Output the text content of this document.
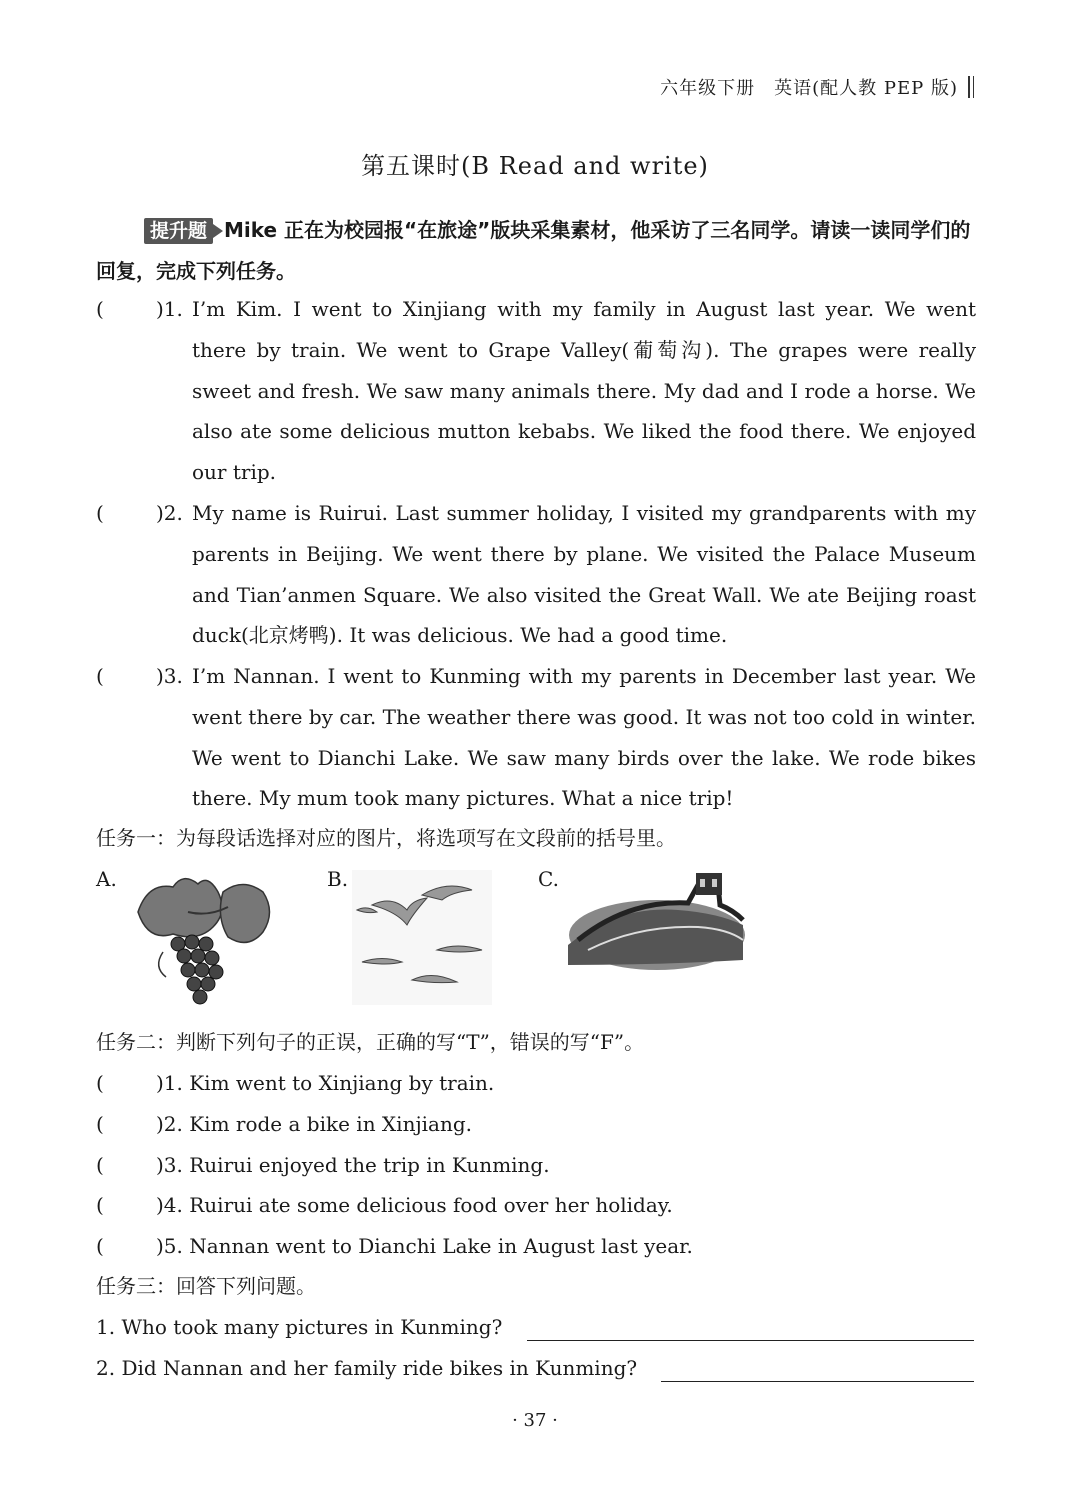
六年级下册　英语(配人教 PEP 版)
第五课时(B Read and write)
提升题 Mike 正在为校园报“在旅途”版块采集素材，他采访了三名同学。请读一读同学们的回复，完成下列任务。
(	)1. I’m Kim. I went to Xinjiang with my family in August last year. We went there by train. We went to Grape Valley(葡萄沟). The grapes were really sweet and fresh. We saw many animals there. My dad and I rode a horse. We also ate some delicious mutton kebabs. We liked the food there. We enjoyed our trip.
(	)2. My name is Ruirui. Last summer holiday, I visited my grandparents with my parents in Beijing. We went there by plane. We visited the Palace Museum and Tian’anmen Square. We also visited the Great Wall. We ate Beijing roast duck(北京烤鸭). It was delicious. We had a good time.
(	)3. I’m Nannan. I went to Kunming with my parents in December last year. We went there by car. The weather there was good. It was not too cold in winter. We went to Dianchi Lake. We saw many birds over the lake. We rode bikes there. My mum took many pictures. What a nice trip!
任务一：为每段话选择对应的图片，将选项写在文段前的括号里。
A.	B.	C.
任务二：判断下列句子的正误，正确的写“T”，错误的写“F”。
(	)1. Kim went to Xinjiang by train.
(	)2. Kim rode a bike in Xinjiang.
(	)3. Ruirui enjoyed the trip in Kunming.
(	)4. Ruirui ate some delicious food over her holiday.
(	)5. Nannan went to Dianchi Lake in August last year.
任务三：回答下列问题。
1. Who took many pictures in Kunming?
2. Did Nannan and her family ride bikes in Kunming?
· 37 ·
